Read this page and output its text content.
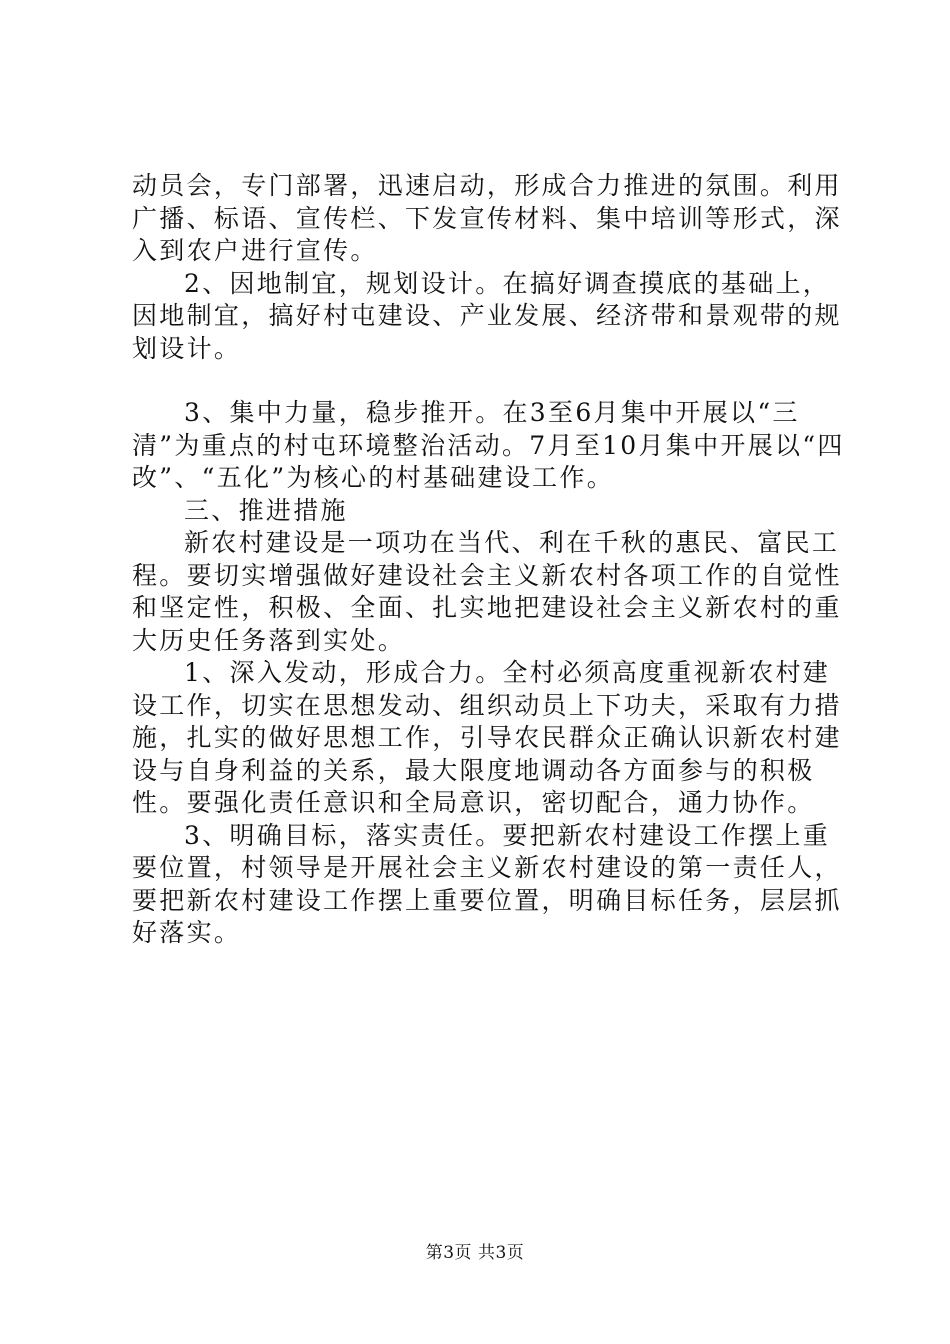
动员会，专门部署，迅速启动，形成合力推进的氛围。利用广播、标语、宣传栏、下发宣传材料、集中培训等形式，深入到农户进行宣传。

2、因地制宜，规划设计。在搞好调查摸底的基础上，因地制宜，搞好村屯建设、产业发展、经济带和景观带的规划设计。

3、集中力量，稳步推开。在3至6月集中开展以“三清”为重点的村屯环境整治活动。7月至10月集中开展以“四改”、“五化”为核心的村基础建设工作。

三、推进措施

新农村建设是一项功在当代、利在千秋的惠民、富民工程。要切实增强做好建设社会主义新农村各项工作的自觉性和坚定性，积极、全面、扎实地把建设社会主义新农村的重大历史任务落到实处。

1、深入发动，形成合力。全村必须高度重视新农村建设工作，切实在思想发动、组织动员上下功夫，采取有力措施，扎实的做好思想工作，引导农民群众正确认识新农村建设与自身利益的关系，最大限度地调动各方面参与的积极性。要强化责任意识和全局意识，密切配合，通力协作。

3、明确目标，落实责任。要把新农村建设工作摆上重要位置，村领导是开展社会主义新农村建设的第一责任人，要把新农村建设工作摆上重要位置，明确目标任务，层层抓好落实。

第3页 共3页
